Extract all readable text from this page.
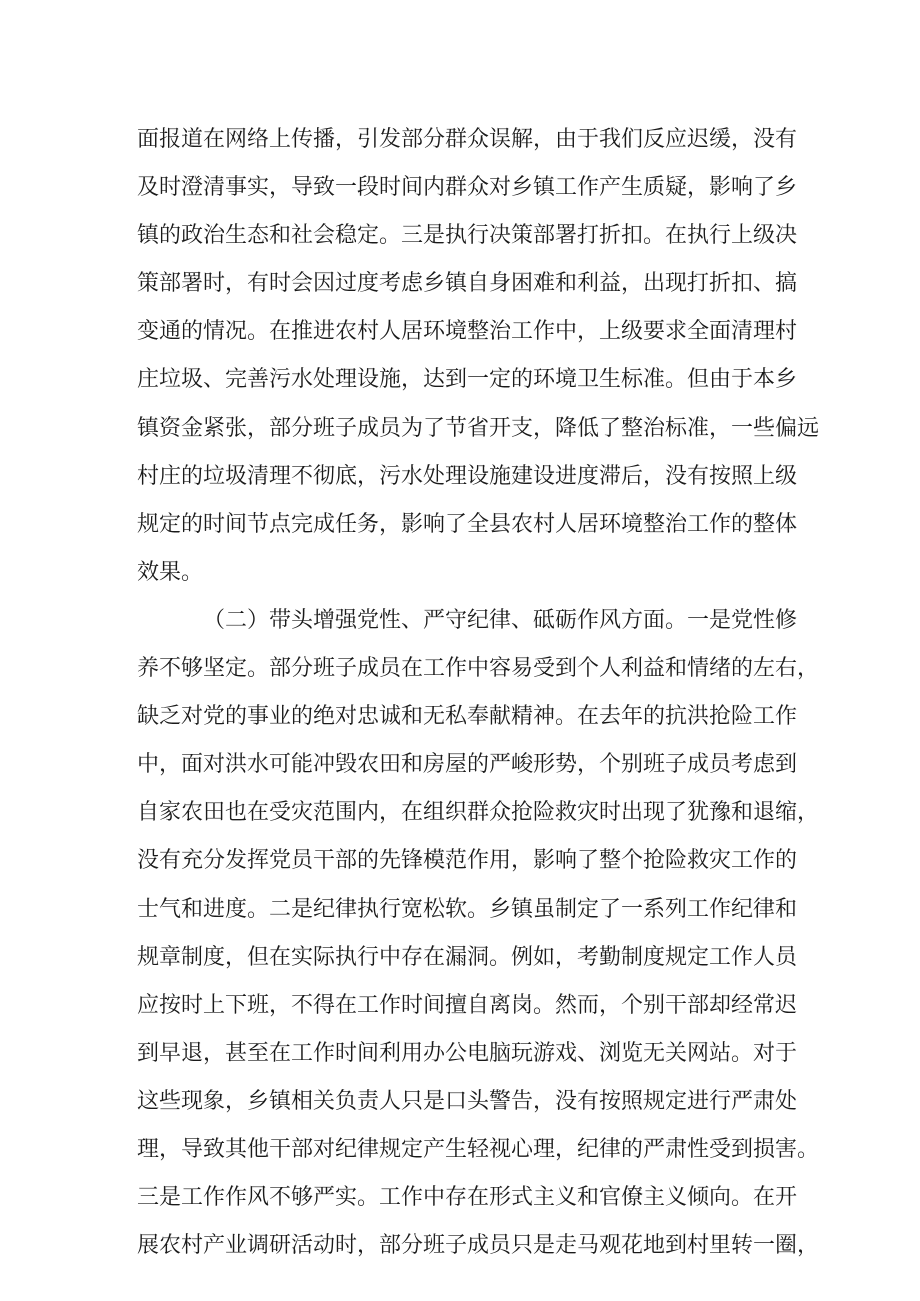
面报道在网络上传播，引发部分群众误解，由于我们反应迟缓，没有
及时澄清事实，导致一段时间内群众对乡镇工作产生质疑，影响了乡
镇的政治生态和社会稳定。三是执行决策部署打折扣。在执行上级决
策部署时，有时会因过度考虑乡镇自身困难和利益，出现打折扣、搞
变通的情况。在推进农村人居环境整治工作中，上级要求全面清理村
庄垃圾、完善污水处理设施，达到一定的环境卫生标准。但由于本乡
镇资金紧张，部分班子成员为了节省开支，降低了整治标准，一些偏远
村庄的垃圾清理不彻底，污水处理设施建设进度滞后，没有按照上级
规定的时间节点完成任务，影响了全县农村人居环境整治工作的整体
效果。
（二）带头增强党性、严守纪律、砥砺作风方面。一是党性修
养不够坚定。部分班子成员在工作中容易受到个人利益和情绪的左右，
缺乏对党的事业的绝对忠诚和无私奉献精神。在去年的抗洪抢险工作
中，面对洪水可能冲毁农田和房屋的严峻形势，个别班子成员考虑到
自家农田也在受灾范围内，在组织群众抢险救灾时出现了犹豫和退缩，
没有充分发挥党员干部的先锋模范作用，影响了整个抢险救灾工作的
士气和进度。二是纪律执行宽松软。乡镇虽制定了一系列工作纪律和
规章制度，但在实际执行中存在漏洞。例如，考勤制度规定工作人员
应按时上下班，不得在工作时间擅自离岗。然而，个别干部却经常迟
到早退，甚至在工作时间利用办公电脑玩游戏、浏览无关网站。对于
这些现象，乡镇相关负责人只是口头警告，没有按照规定进行严肃处
理，导致其他干部对纪律规定产生轻视心理，纪律的严肃性受到损害。
三是工作作风不够严实。工作中存在形式主义和官僚主义倾向。在开
展农村产业调研活动时，部分班子成员只是走马观花地到村里转一圈，
